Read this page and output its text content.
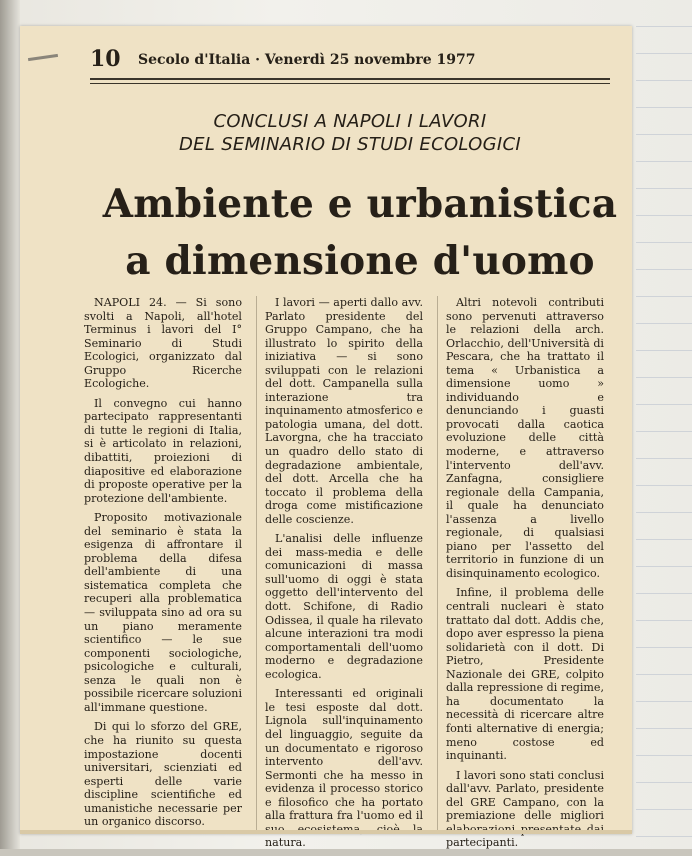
10 Secolo d'Italia · Venerdì 25 novembre 1977
CONCLUSI A NAPOLI I LAVORI
DEL SEMINARIO DI STUDI ECOLOGICI
Ambiente e urbanistica
a dimensione d'uomo

NAPOLI 24. — Si sono svolti a Napoli, all'hotel Terminus i lavori del I° Seminario di Studi Ecologici, organizzato dal Gruppo Ricerche Ecologiche.

Il convegno cui hanno partecipato rappresentanti di tutte le regioni di Italia, si è articolato in relazioni, dibattiti, proiezioni di diapositive ed elaborazione di proposte operative per la protezione dell'ambiente.

Proposito motivazionale del seminario è stata la esigenza di affrontare il problema della difesa dell'ambiente di una sistematica completa che recuperi alla problematica — sviluppata sino ad ora su un piano meramente scientifico — le sue componenti sociologiche, psicologiche e culturali, senza le quali non è possibile ricercare soluzioni all'immane questione.

Di qui lo sforzo del GRE, che ha riunito su questa impostazione docenti universitari, scienziati ed esperti delle varie discipline scientifiche ed umanistiche necessarie per un organico discorso.

I lavori — aperti dallo avv. Parlato presidente del Gruppo Campano, che ha illustrato lo spirito della iniziativa — si sono sviluppati con le relazioni del dott. Campanella sulla interazione tra inquinamento atmosferico e patologia umana, del dott. Lavorgna, che ha tracciato un quadro dello stato di degradazione ambientale, del dott. Arcella che ha toccato il problema della droga come mistificazione delle coscienze.

L'analisi delle influenze dei mass-media e delle comunicazioni di massa sull'uomo di oggi è stata oggetto dell'intervento del dott. Schifone, di Radio Odissea, il quale ha rilevato alcune interazioni tra modi comportamentali dell'uomo moderno e degradazione ecologica.

Interessanti ed originali le tesi esposte dal dott. Lignola sull'inquinamento del linguaggio, seguite da un documentato e rigoroso intervento dell'avv. Sermonti che ha messo in evidenza il processo storico e filosofico che ha portato alla frattura fra l'uomo ed il natura.

Altri notevoli contributi sono pervenuti attraverso le relazioni della arch. Orlacchio, dell'Università di Pescara, che ha trattato il tema « Urbanistica a dimensione uomo » individuando e denunciando i guasti provocati dalla caotica evoluzione delle città moderne, e attraverso l'intervento dell'avv. Zanfagna, consigliere regionale della Campania, il quale ha denunciato l'assenza a livello regionale, di qualsiasi piano per l'assetto del territorio in funzione di un disinquinamento ecologico.

Infine, il problema delle centrali nucleari è stato trattato dal dott. Addis che, dopo aver espresso la piena solidarietà con il dott. Di Pietro, Presidente Nazionale dei GRE, colpito dalla repressione di regime, ha documentato la necessità di ricercare altre fonti alternative di energia; meno costose ed inquinanti.

I lavori sono stati conclusi dall'avv. Parlato, presidente del GRE Campano, con la premiazione delle migliori partecipanti.
